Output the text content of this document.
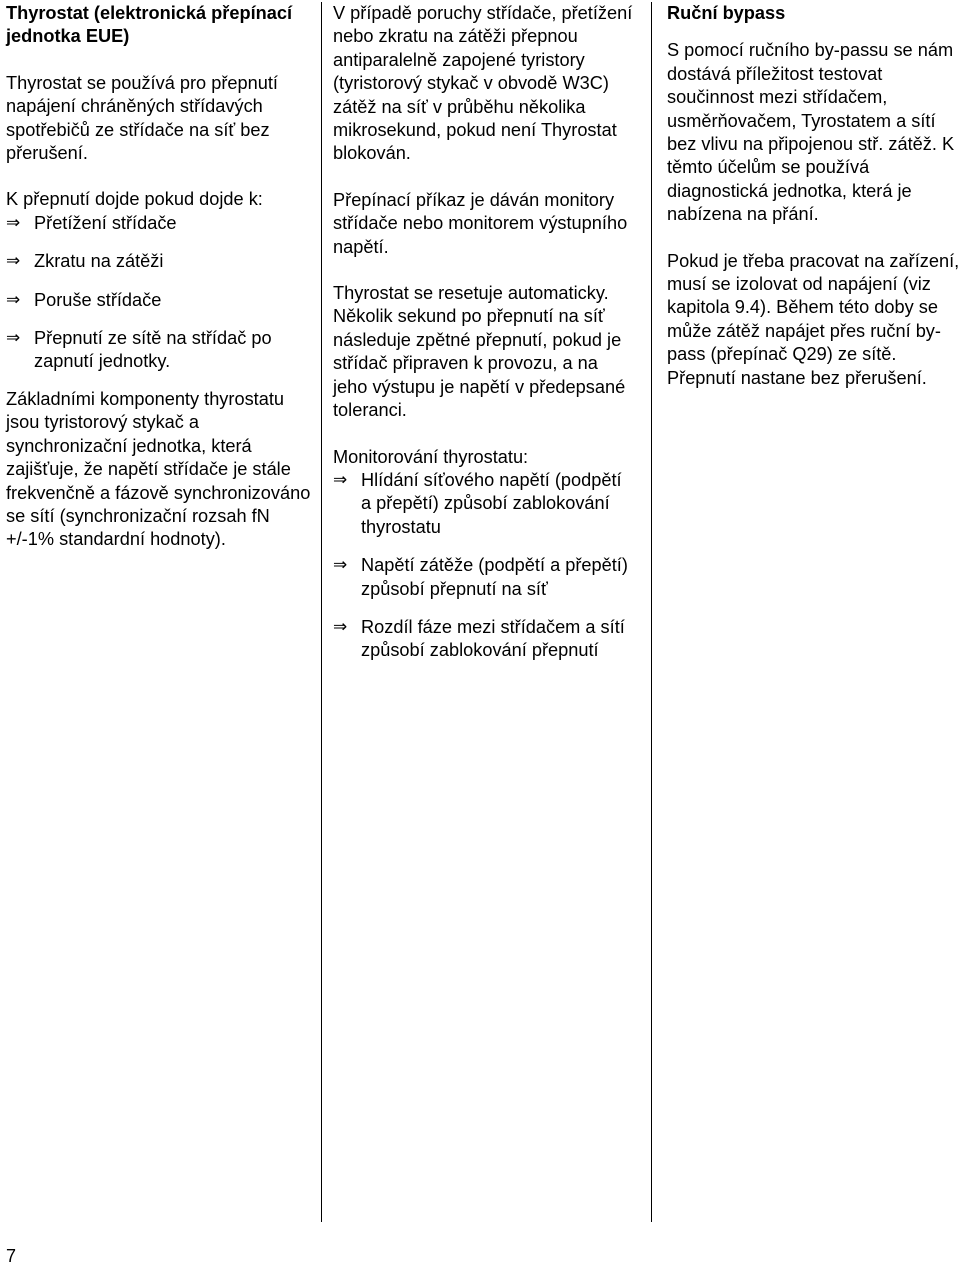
Thyrostat (elektronická přepínací jednotka EUE)

Thyrostat se používá pro přepnutí napájení chráněných střídavých spotřebičů ze střídače na síť bez přerušení.

K přepnutí dojde pokud dojde k:

⇒ Přetížení střídače
⇒ Zkratu na zátěži
⇒ Poruše střídače
⇒ Přepnutí ze sítě na střídač po zapnutí jednotky.

Základními komponenty thyrostatu jsou tyristorový stykač a synchronizační jednotka, která zajišťuje, že napětí střídače je stále frekvenčně a fázově synchronizováno se sítí (synchronizační rozsah fN +/-1% standardní hodnoty).

V případě poruchy střídače, přetížení nebo zkratu na zátěži přepnou antiparalelně zapojené tyristory (tyristorový stykač v obvodě W3C) zátěž na síť v průběhu několika mikrosekund, pokud není Thyrostat blokován.

Přepínací příkaz je dáván monitory střídače nebo monitorem výstupního napětí.

Thyrostat se resetuje automaticky. Několik sekund po přepnutí na síť následuje zpětné přepnutí, pokud je střídač připraven k provozu, a na jeho výstupu je napětí v předepsané toleranci.

Monitorování thyrostatu:

⇒ Hlídání síťového napětí (podpětí a přepětí) způsobí zablokování thyrostatu
⇒ Napětí zátěže (podpětí a přepětí) způsobí přepnutí na síť
⇒ Rozdíl fáze mezi střídačem a sítí způsobí zablokování přepnutí

Ruční bypass

S pomocí ručního by-passu se nám dostává příležitost testovat součinnost mezi střídačem, usměrňovačem, Tyrostatem a sítí bez vlivu na připojenou stř. zátěž. K těmto účelům se používá diagnostická jednotka, která je nabízena na přání.

Pokud je třeba pracovat na zařízení, musí se izolovat od napájení (viz kapitola 9.4). Během této doby se může zátěž napájet přes ruční by-pass (přepínač Q29) ze sítě. Přepnutí nastane bez přerušení.

7
